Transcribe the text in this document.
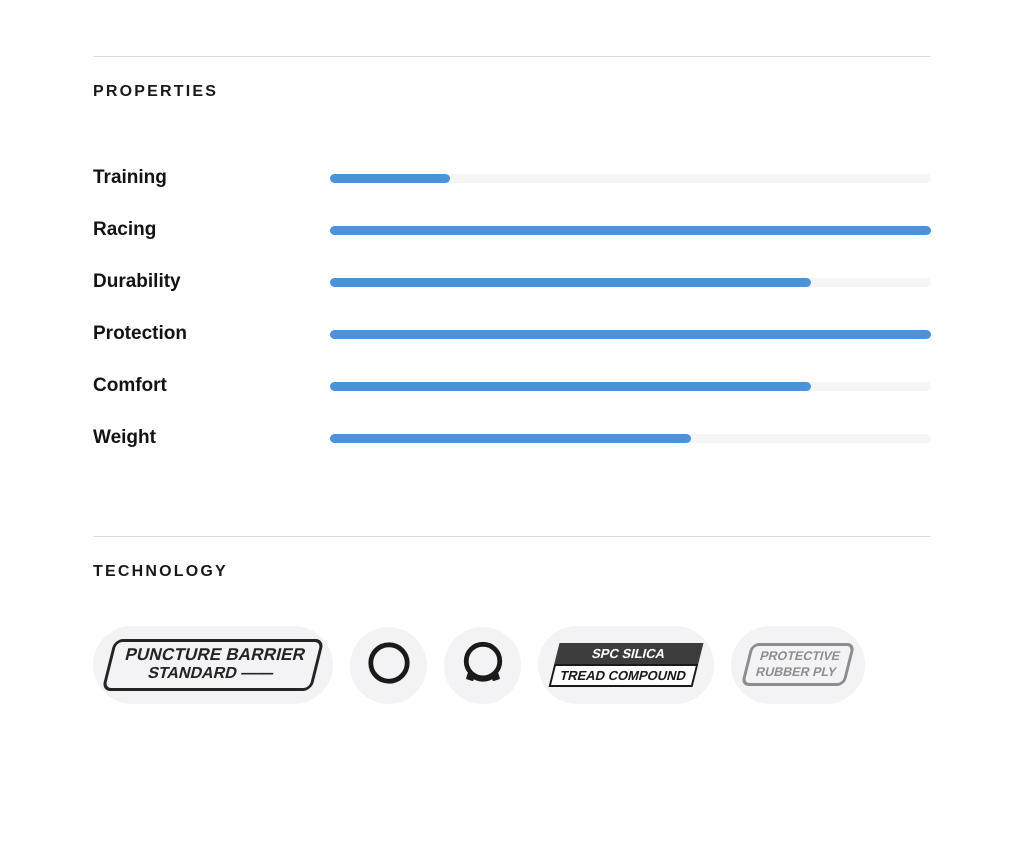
PROPERTIES
Training
Racing
Durability
Protection
Comfort
Weight
TECHNOLOGY
PUNCTURE BARRIER
STANDARD ——
SPC SILICA
TREAD COMPOUND
PROTECTIVE
RUBBER PLY
